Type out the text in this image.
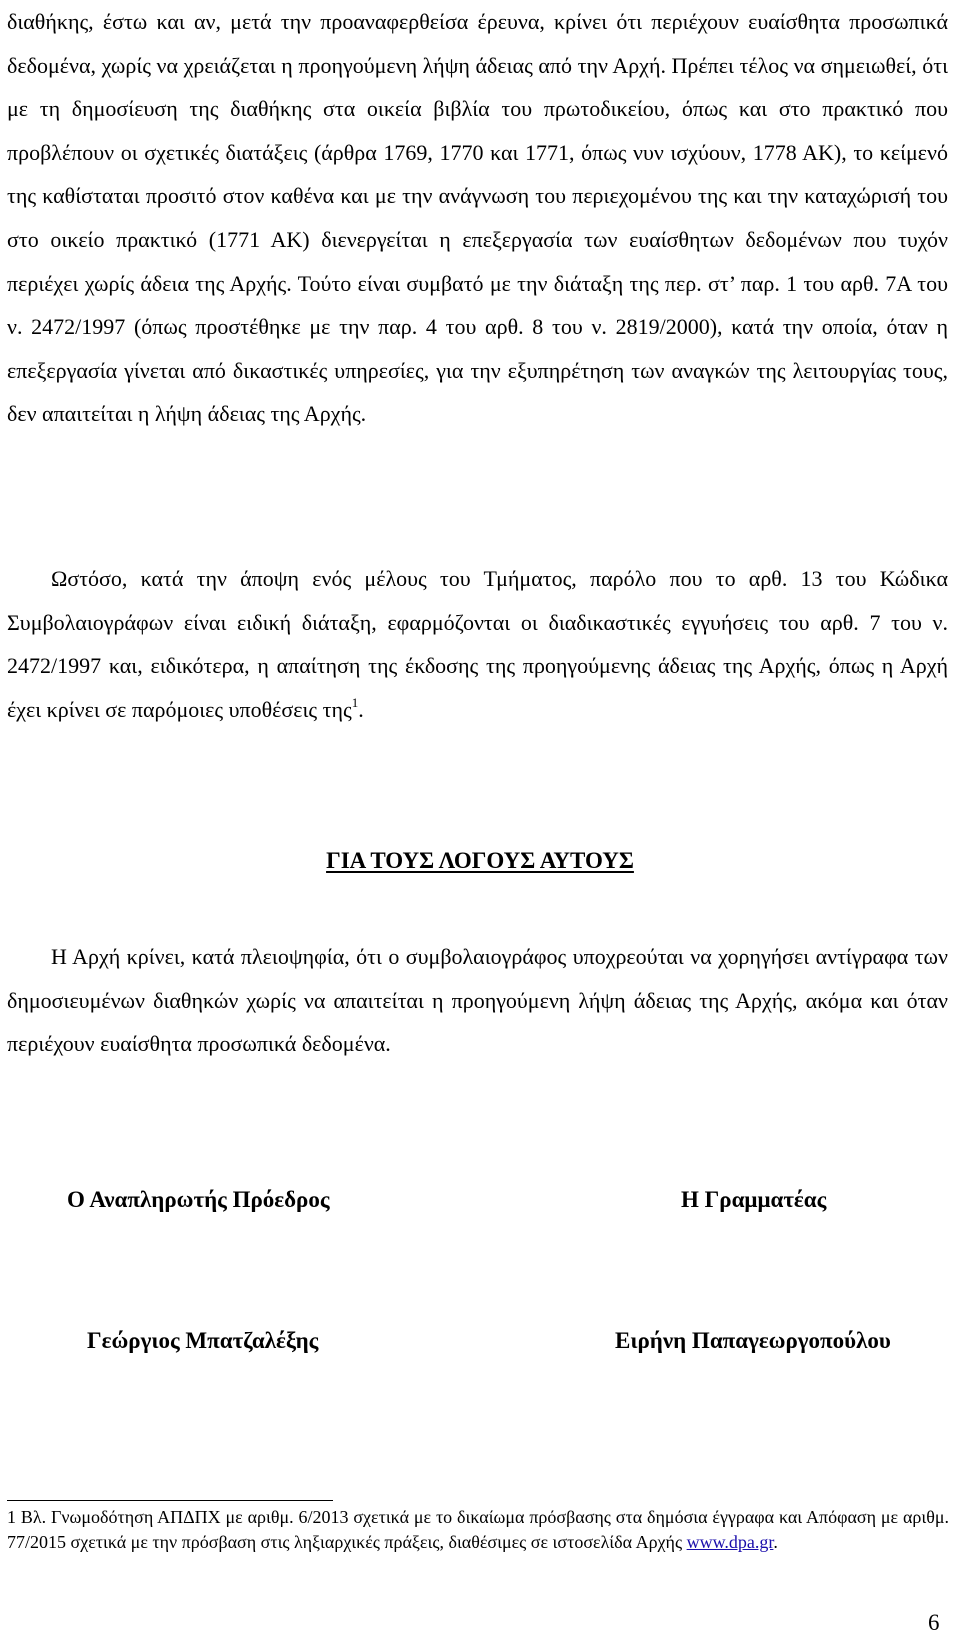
διαθήκης, έστω και αν, μετά την προαναφερθείσα έρευνα, κρίνει ότι περιέχουν ευαίσθητα προσωπικά δεδομένα, χωρίς να χρειάζεται η προηγούμενη λήψη άδειας από την Αρχή. Πρέπει τέλος να σημειωθεί, ότι με τη δημοσίευση της διαθήκης στα οικεία βιβλία του πρωτοδικείου, όπως και στο πρακτικό που προβλέπουν οι σχετικές διατάξεις (άρθρα 1769, 1770 και 1771, όπως νυν ισχύουν, 1778 ΑΚ), το κείμενό της καθίσταται προσιτό στον καθένα και με την ανάγνωση του περιεχομένου της και την καταχώρισή του στο οικείο πρακτικό (1771 ΑΚ) διενεργείται η επεξεργασία των ευαίσθητων δεδομένων που τυχόν περιέχει χωρίς άδεια της Αρχής. Τούτο είναι συμβατό με την διάταξη της περ. στ’ παρ. 1 του αρθ. 7Α του ν. 2472/1997 (όπως προστέθηκε με την παρ. 4 του αρθ. 8 του ν. 2819/2000), κατά την οποία, όταν η επεξεργασία γίνεται από δικαστικές υπηρεσίες, για την εξυπηρέτηση των αναγκών της λειτουργίας τους, δεν απαιτείται η λήψη άδειας της Αρχής.

Ωστόσο, κατά την άποψη ενός μέλους του Τμήματος, παρόλο που το αρθ. 13 του Κώδικα Συμβολαιογράφων είναι ειδική διάταξη, εφαρμόζονται οι διαδικαστικές εγγυήσεις του αρθ. 7 του ν. 2472/1997 και, ειδικότερα, η απαίτηση της έκδοσης της προηγούμενης άδειας της Αρχής, όπως η Αρχή έχει κρίνει σε παρόμοιες υποθέσεις της$^1$.

ΓΙΑ ΤΟΥΣ ΛΟΓΟΥΣ ΑΥΤΟΥΣ

Η Αρχή κρίνει, κατά πλειοψηφία, ότι ο συμβολαιογράφος υποχρεούται να χορηγήσει αντίγραφα των δημοσιευμένων διαθηκών χωρίς να απαιτείται η προηγούμενη λήψη άδειας της Αρχής, ακόμα και όταν περιέχουν ευαίσθητα προσωπικά δεδομένα.

Ο Αναπληρωτής Πρόεδρος	Η Γραμματέας

Γεώργιος Μπατζαλέξης	Ειρήνη Παπαγεωργοπούλου

1 Βλ. Γνωμοδότηση ΑΠΔΠΧ με αριθμ. 6/2013 σχετικά με το δικαίωμα πρόσβασης στα δημόσια έγγραφα και Απόφαση με αριθμ. 77/2015 σχετικά με την πρόσβαση στις ληξιαρχικές πράξεις, διαθέσιμες σε ιστοσελίδα Αρχής www.dpa.gr.

6
